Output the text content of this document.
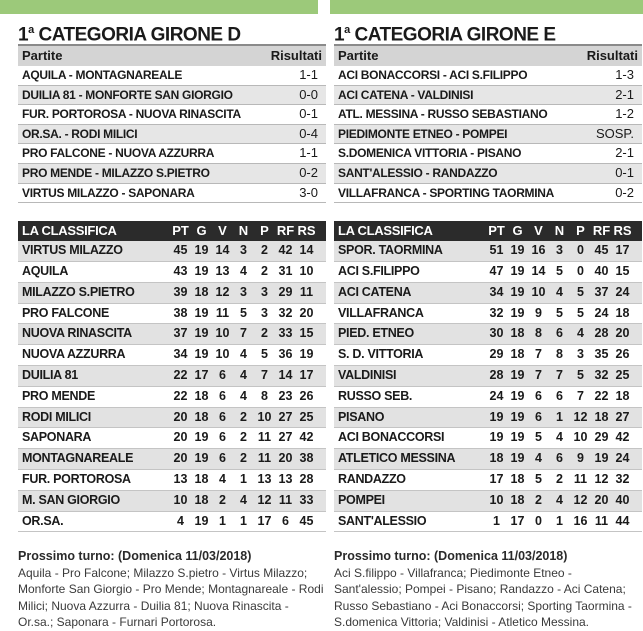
1$^a$ CATEGORIA GIRONE D
Partite	Risultati
AQUILA - MONTAGNAREALE	1-1
DUILIA 81 - MONFORTE SAN GIORGIO	0-0
FUR. PORTOROSA - NUOVA RINASCITA	0-1
OR.SA. - RODI MILICI	0-4
PRO FALCONE - NUOVA AZZURRA	1-1
PRO MENDE - MILAZZO S.PIETRO	0-2
VIRTUS MILAZZO - SAPONARA	3-0
LA CLASSIFICA	PT G V N P RF RS
VIRTUS MILAZZO	45 19 14 3	2 42 14
AQUILA	43 19 13 4	2 31 10
MILAZZO S.PIETRO	39 18 12 3	3 29 11
PRO FALCONE	38 19 11 5	3 32 20
NUOVA RINASCITA	37 19 10 7	2 33 15
NUOVA AZZURRA	34 19 10 4	5 36 19
DUILIA 81	22 17 6	4	7 14 17
PRO MENDE	22 18 6	4	8 23 26
RODI MILICI	20 18 6	2 10 27 25
SAPONARA	20 19 6	2 11 27 42
MONTAGNAREALE	20 19 6	2 11 20 38
FUR. PORTOROSA	13 18 4	1 13 13 28
M. SAN GIORGIO	10 18 2	4 12 11 33
OR.SA.	4 19 1	1 17 6 45
Prossimo turno: (Domenica 11/03/2018)
Aquila - Pro Falcone; Milazzo S.pietro - Virtus Milazzo; Monforte San Giorgio - Pro Mende; Montagnareale - Rodi Milici; Nuova Azzurra - Duilia 81; Nuova Rinascita - Or.sa.; Saponara - Furnari Portorosa.
1$^a$ CATEGORIA GIRONE E
Partite	Risultati
ACI BONACCORSI - ACI S.FILIPPO	1-3
ACI CATENA - VALDINISI	2-1
ATL. MESSINA - RUSSO SEBASTIANO	1-2
PIEDIMONTE ETNEO - POMPEI	SOSP.
S.DOMENICA VITTORIA - PISANO	2-1
SANT'ALESSIO - RANDAZZO	0-1
VILLAFRANCA - SPORTING TAORMINA	0-2
LA CLASSIFICA	PT G V N P RF RS
SPOR. TAORMINA	51 19 16 3	0 45 17
ACI S.FILIPPO	47 19 14 5	0 40 15
ACI CATENA	34 19 10 4	5 37 24
VILLAFRANCA	32 19 9	5	5 24 18
PIED. ETNEO	30 18 8	6	4 28 20
S. D. VITTORIA	29 18 7	8	3 35 26
VALDINISI	28 19 7	7	5 32 25
RUSSO SEB.	24 19 6	6	7 22 18
PISANO	19 19 6	1 12 18 27
ACI BONACCORSI	19 19 5	4 10 29 42
ATLETICO MESSINA	18 19 4	6	9 19 24
RANDAZZO	17 18 5	2 11 12 32
POMPEI	10 18 2	4 12 20 40
SANT'ALESSIO	1 17 0	1 16 11 44
Prossimo turno: (Domenica 11/03/2018)
Aci S.filippo - Villafranca; Piedimonte Etneo - Sant'alessio; Pompei - Pisano; Randazzo - Aci Catena; Russo Sebastiano - Aci Bonaccorsi; Sporting Taormina - S.domenica Vittoria; Valdinisi - Atletico Messina.
